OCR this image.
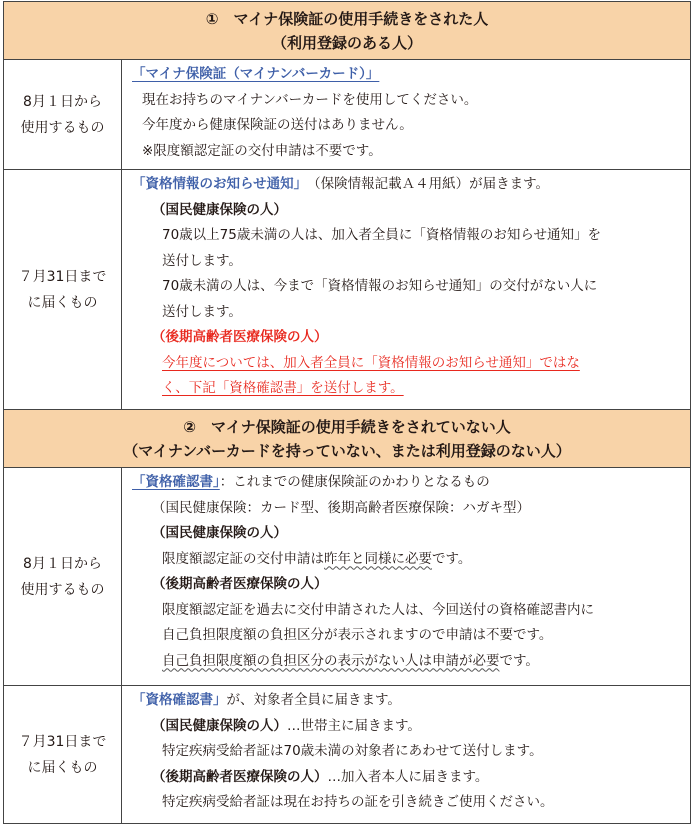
①　マイナ保険証の使用手続きをされた人
（利用登録のある人）
8月１日から
使用するもの
「マイナ保険証（マイナンバーカード）」
現在お持ちのマイナンバーカードを使用してください。
今年度から健康保険証の送付はありません。
※限度額認定証の交付申請は不要です。
７月31日まで
に届くもの
「資格情報のお知らせ通知」　 （保険情報記載Ａ４用紙）が届きます。
（国民健康保険の人）
70歳以上75歳未満の人は、加入者全員に「資格情報のお知らせ通知」を
送付します。
70歳未満の人は、今まで「資格情報のお知らせ通知」の交付がない人に
送付します。
（後期高齢者医療保険の人）
今年度については、加入者全員に「資格情報のお知らせ通知」ではな
く、下記「資格確認書」を送付します。
②　マイナ保険証の使用手続きをされていない人
（マイナンバーカードを持っていない、または利用登録のない人）
8月１日から
使用するもの
「資格確認書」：これまでの健康保険証のかわりとなるもの
（国民健康保険：カード型、後期高齢者医療保険：ハガキ型）
（国民健康保険の人）
限度額認定証の交付申請は昨年と同様に必要です。
（後期高齢者医療保険の人）
限度額認定証を過去に交付申請された人は、今回送付の資格確認書内に
自己負担限度額の負担区分が表示されますので申請は不要です。
自己負担限度額の負担区分の表示がない人は申請が必要です。
７月31日まで
に届くもの
「資格確認書」が、対象者全員に届きます。
（国民健康保険の人）…世帯主に届きます。
特定疾病受給者証は70歳未満の対象者にあわせて送付します。
（後期高齢者医療保険の人）…加入者本人に届きます。
特定疾病受給者証は現在お持ちの証を引き続きご使用ください。
